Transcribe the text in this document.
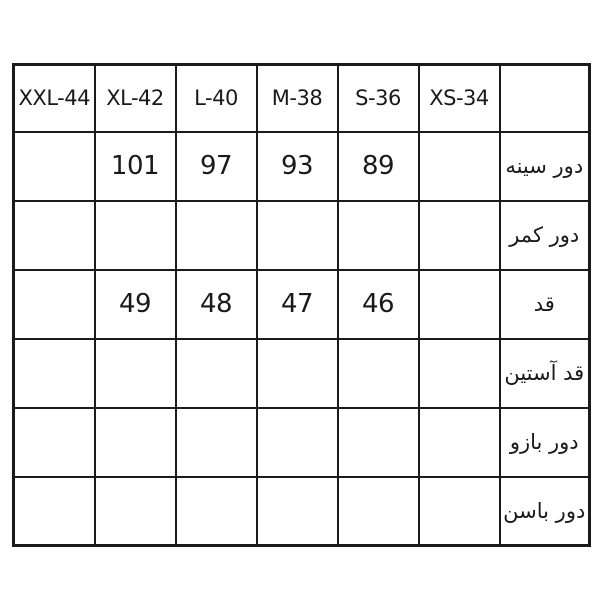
XXL-44	XL-42	L-40	M-38	S-36	XS-34	
	101	97	93	89		دور سینه
						دور کمر
	49	48	47	46		قد
						قد آستین
						دور بازو
						دور باسن
